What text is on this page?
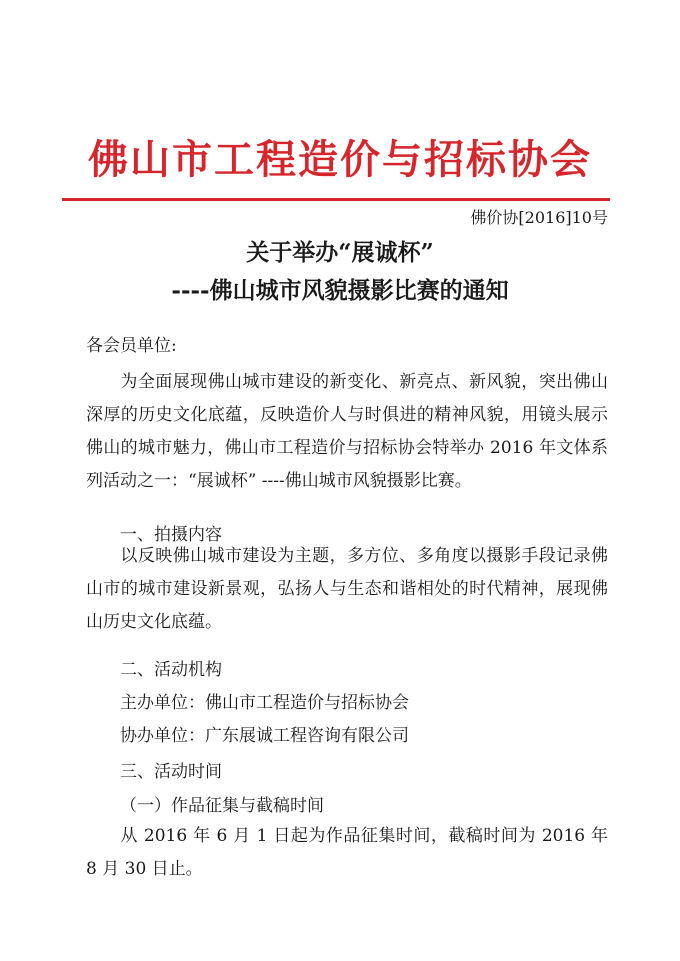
佛山市工程造价与招标协会
佛价协[2016]10号
关于举办“展诚杯”
----佛山城市风貌摄影比赛的通知
各会员单位:
为全面展现佛山城市建设的新变化、新亮点、新风貌，突出佛山深厚的历史文化底蕴，反映造价人与时俱进的精神风貌，用镜头展示佛山的城市魅力，佛山市工程造价与招标协会特举办 2016 年文体系列活动之一：“展诚杯” ----佛山城市风貌摄影比赛。
一、拍摄内容
以反映佛山城市建设为主题，多方位、多角度以摄影手段记录佛山市的城市建设新景观，弘扬人与生态和谐相处的时代精神，展现佛山历史文化底蕴。
二、活动机构
主办单位：佛山市工程造价与招标协会
协办单位：广东展诚工程咨询有限公司
三、活动时间
（一）作品征集与截稿时间
从 2016 年 6 月 1 日起为作品征集时间，截稿时间为 2016 年 8 月 30 日止。
